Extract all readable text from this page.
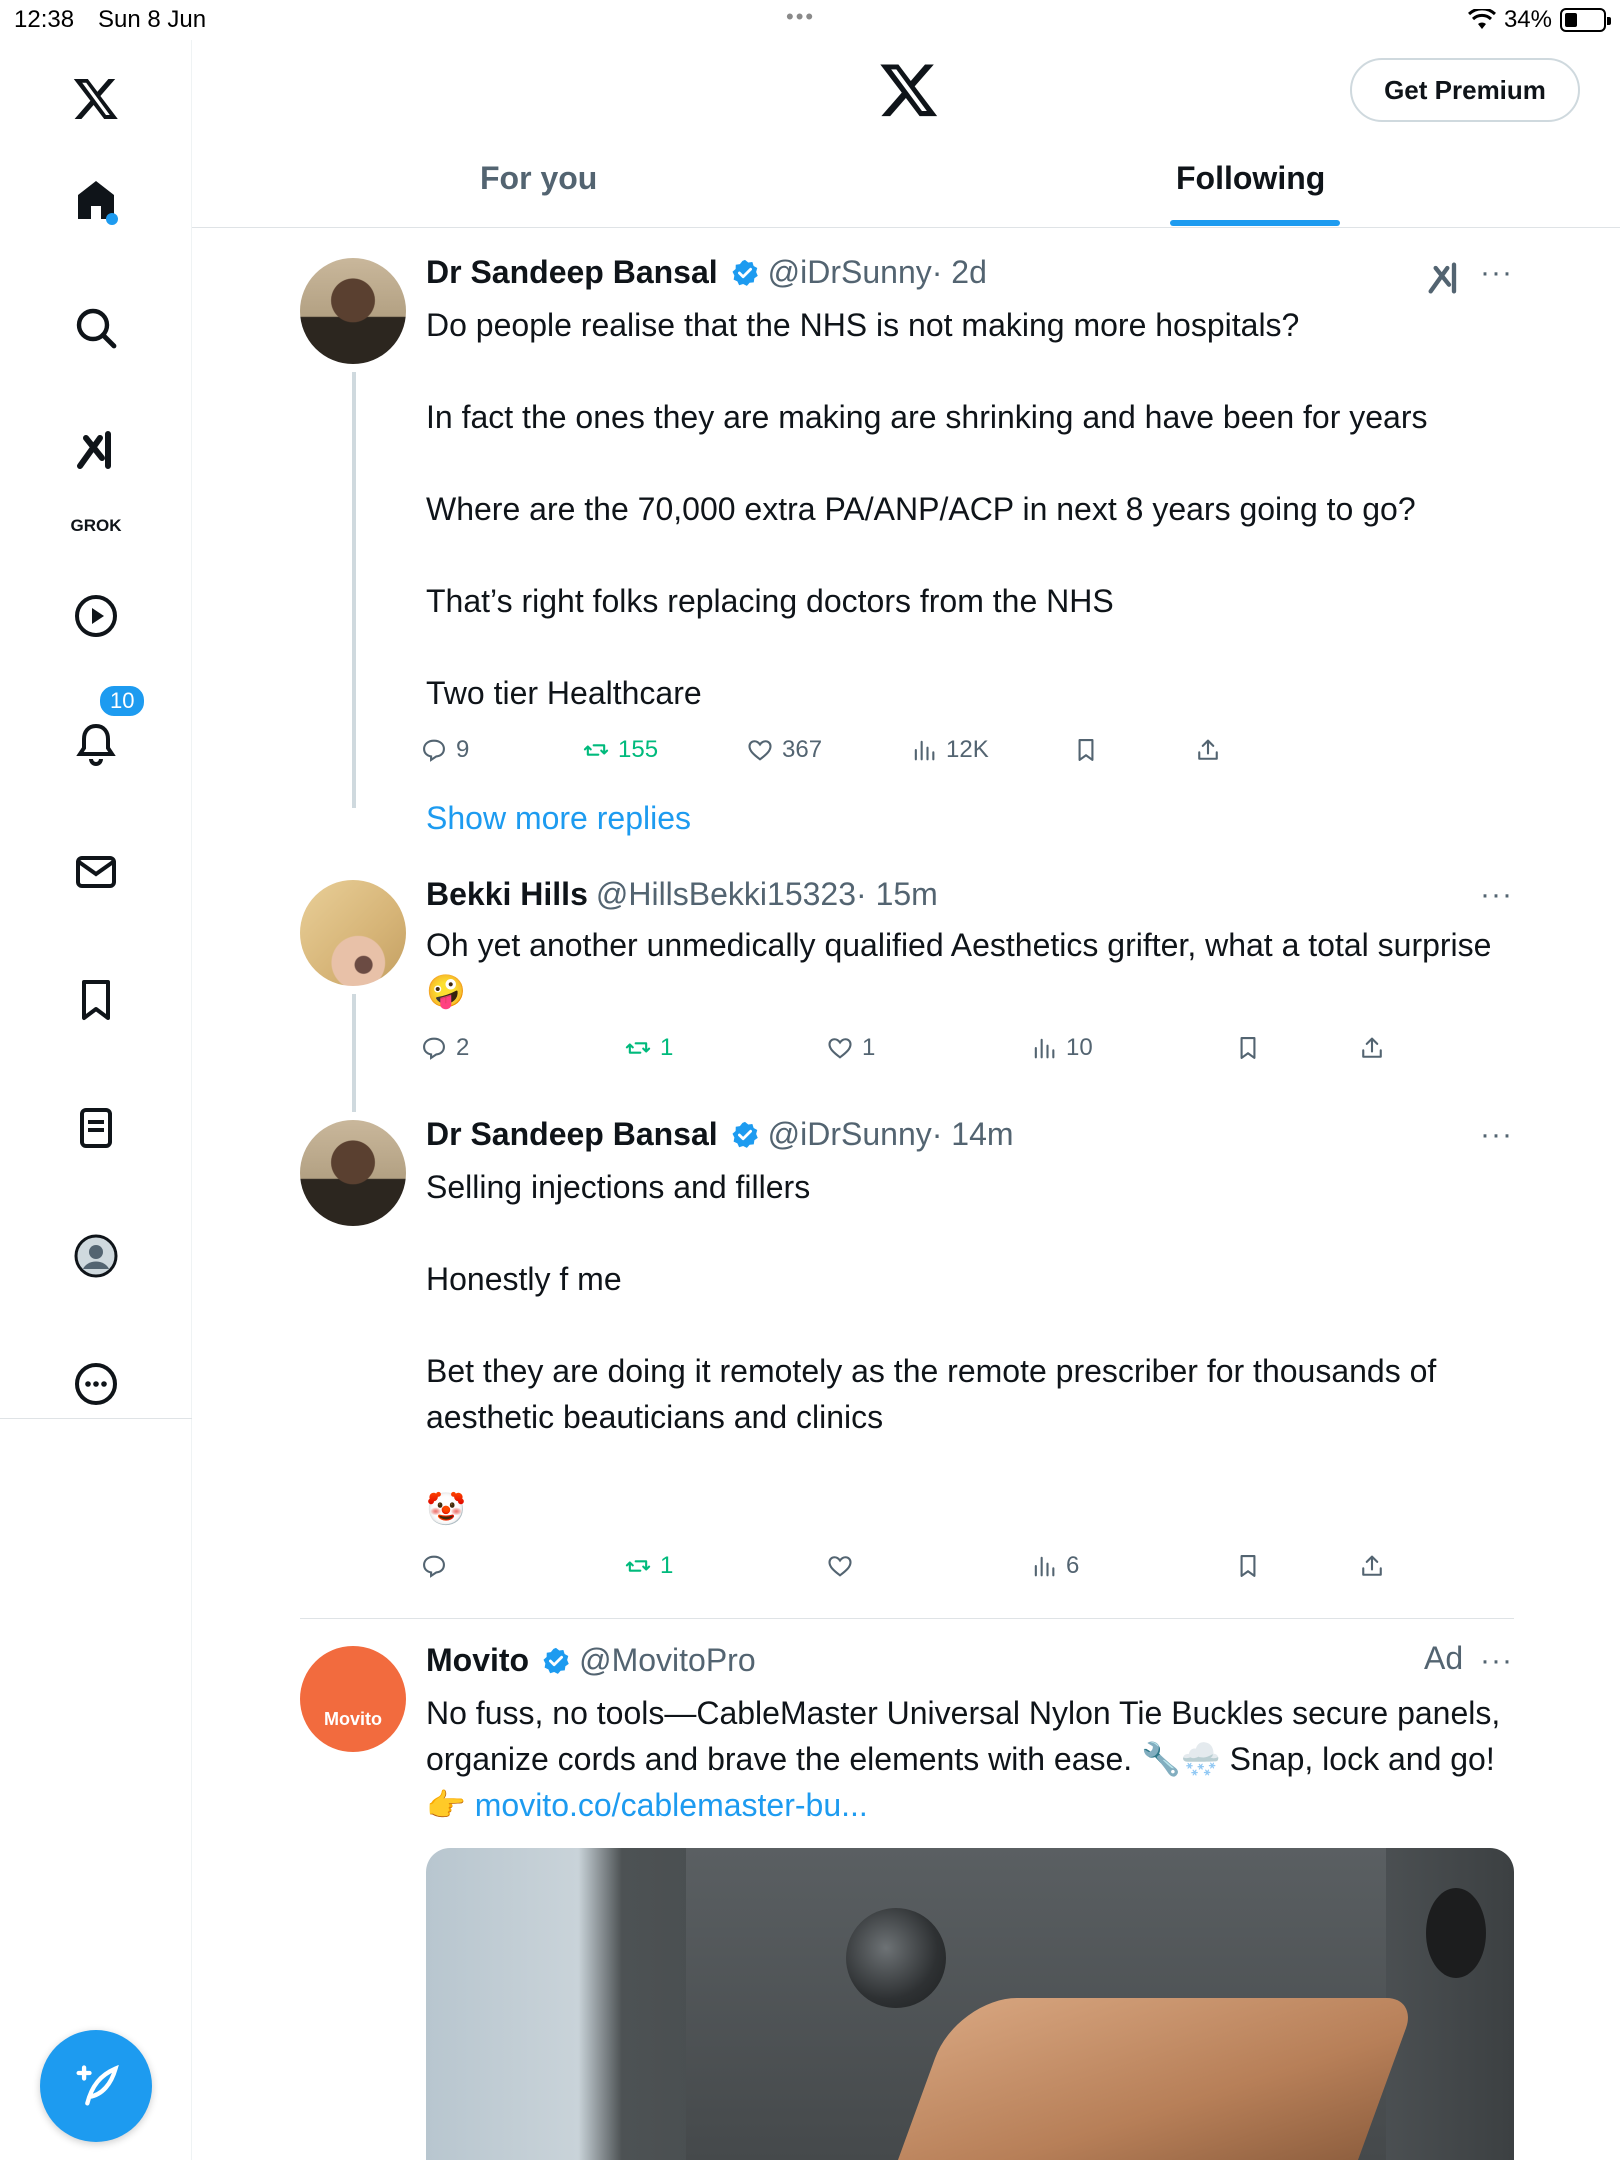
12:38 Sun 8 Jun	•••	34%
GROK
10
Get Premium
For you	Following
Dr Sandeep Bansal @iDrSunny · 2d	···

Do people realise that the NHS is not making more hospitals?

In fact the ones they are making are shrinking and have been for years

Where are the 70,000 extra PA/ANP/ACP in next 8 years going to go?

That’s right folks replacing doctors from the NHS

Two tier Healthcare

9	155	367	12K
Show more replies
Bekki Hills @HillsBekki15323 · 15m	···

Oh yet another unmedically qualified Aesthetics grifter, what a total surprise 🤪

2	1	1	10
Dr Sandeep Bansal @iDrSunny · 14m	···

Selling injections and fillers

Honestly f me

Bet they are doing it remotely as the remote prescriber for thousands of aesthetic beauticians and clinics

🤡

1	6
Movito
Movito @MovitoPro	Ad ···

No fuss, no tools—CableMaster Universal Nylon Tie Buckles secure panels, organize cords and brave the elements with ease. 🔧🌨️ Snap, lock and go! 👉 movito.co/cablemaster-bu...
